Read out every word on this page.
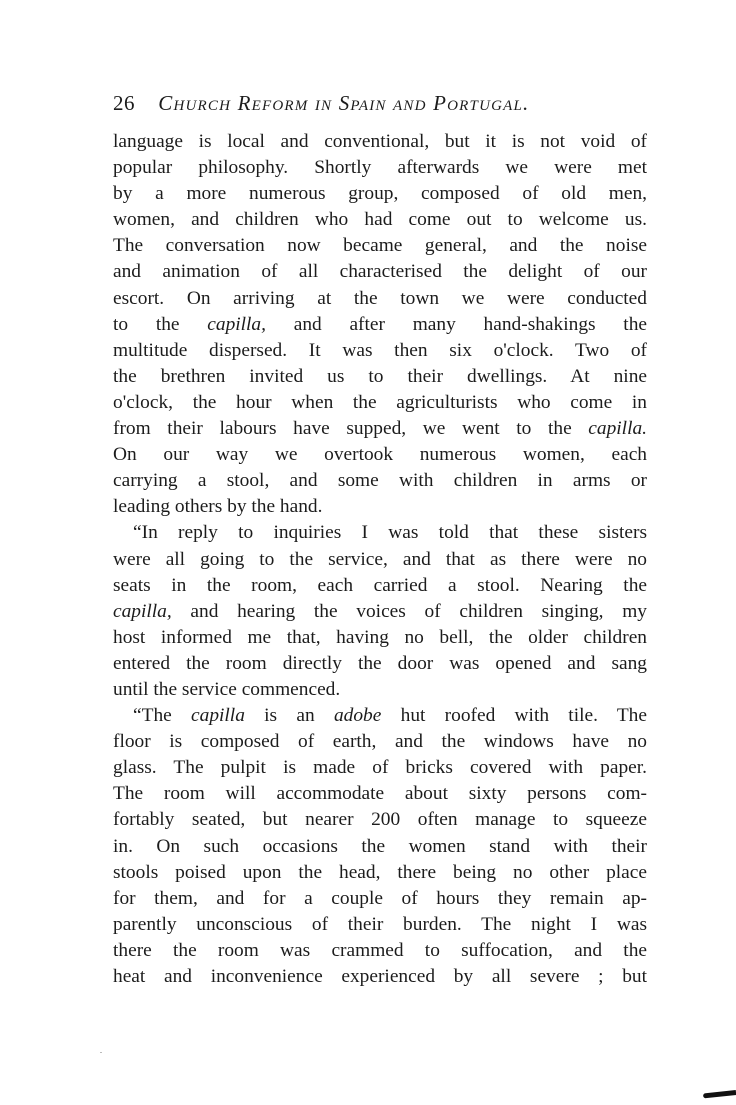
26 Church Reform in Spain and Portugal.
language is local and conventional, but it is not void of
popular philosophy. Shortly afterwards we were met
by a more numerous group, composed of old men,
women, and children who had come out to welcome us.
The conversation now became general, and the noise
and animation of all characterised the delight of our
escort. On arriving at the town we were conducted
to the capilla, and after many hand-shakings the
multitude dispersed. It was then six o'clock. Two of
the brethren invited us to their dwellings. At nine
o'clock, the hour when the agriculturists who come in
from their labours have supped, we went to the capilla.
On our way we overtook numerous women, each
carrying a stool, and some with children in arms or
leading others by the hand.
“In reply to inquiries I was told that these sisters
were all going to the service, and that as there were no
seats in the room, each carried a stool. Nearing the
capilla, and hearing the voices of children singing, my
host informed me that, having no bell, the older children
entered the room directly the door was opened and sang
until the service commenced.
“The capilla is an adobe hut roofed with tile. The
floor is composed of earth, and the windows have no
glass. The pulpit is made of bricks covered with paper.
The room will accommodate about sixty persons com-
fortably seated, but nearer 200 often manage to squeeze
in. On such occasions the women stand with their
stools poised upon the head, there being no other place
for them, and for a couple of hours they remain ap-
parently unconscious of their burden. The night I was
there the room was crammed to suffocation, and the
heat and inconvenience experienced by all severe ; but
